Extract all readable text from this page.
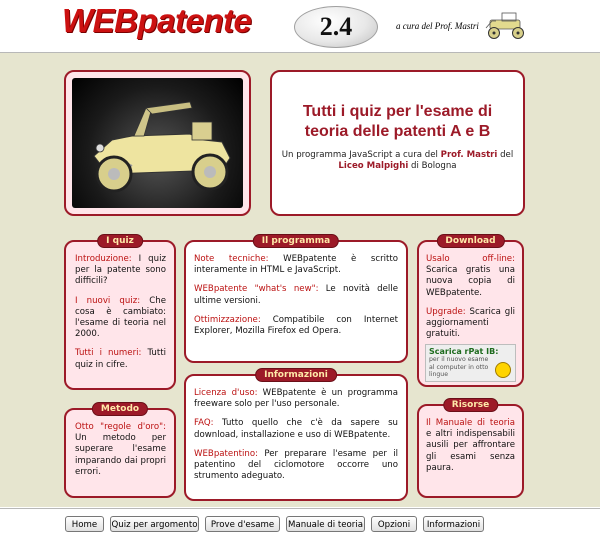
WEBpatente	2.4	a cura del Prof. Mastri
Tutti i quiz per l'esame di teoria delle patenti A e B
Un programma JavaScript a cura del Prof. Mastri del Liceo Malpighi di Bologna
I quiz
Introduzione: I quiz per la patente sono difficili?
I nuovi quiz: Che cosa è cambiato: l'esame di teoria nel 2000.
Tutti i numeri: Tutti quiz in cifre.
Metodo
Otto "regole d'oro": Un metodo per superare l'esame imparando dai propri errori.
Il programma
Note tecniche: WEBpatente è scritto interamente in HTML e JavaScript.
WEBpatente "what's new": Le novità delle ultime versioni.
Ottimizzazione: Compatibile con Internet Explorer, Mozilla Firefox ed Opera.
Informazioni
Licenza d'uso: WEBpatente è un programma freeware solo per l'uso personale.
FAQ: Tutto quello che c'è da sapere su download, installazione e uso di WEBpatente.
WEBpatentino: Per preparare l'esame per il patentino del ciclomotore occorre uno strumento adeguato.
Download
Usalo off-line: Scarica gratis una nuova copia di WEBpatente.
Upgrade: Scarica gli aggiornamenti gratuiti.
Scarica rPat IB:
per il nuovo esame al computer in otto lingue
Risorse
Il Manuale di teoria e altri indispensabili ausili per affrontare gli esami senza paura.
Home	Quiz per argomento	Prove d'esame	Manuale di teoria	Opzioni	Informazioni
